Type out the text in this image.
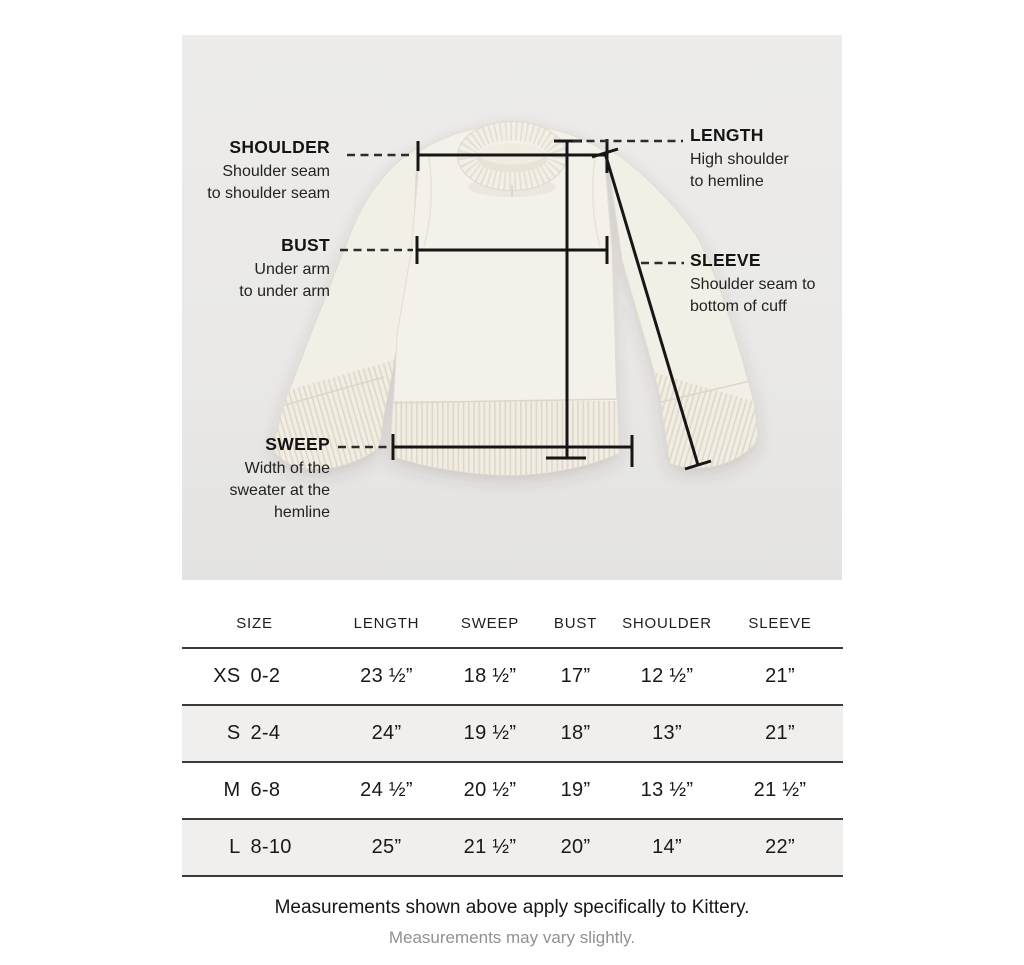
SHOULDER
Shoulder seam
to shoulder seam
BUST
Under arm
to under arm
SWEEP
Width of the
sweater at the
hemline
LENGTH
High shoulder
to hemline
SLEEVE
Shoulder seam to
bottom of cuff
SIZE	LENGTH	SWEEP	BUST	SHOULDER	SLEEVE
XS 0-2	23 ½”	18 ½”	17”	12 ½”	21”
S 2-4	24”	19 ½”	18”	13”	21”
M 6-8	24 ½”	20 ½”	19”	13 ½”	21 ½”
L 8-10	25”	21 ½”	20”	14”	22”
Measurements shown above apply specifically to Kittery.
Measurements may vary slightly.
